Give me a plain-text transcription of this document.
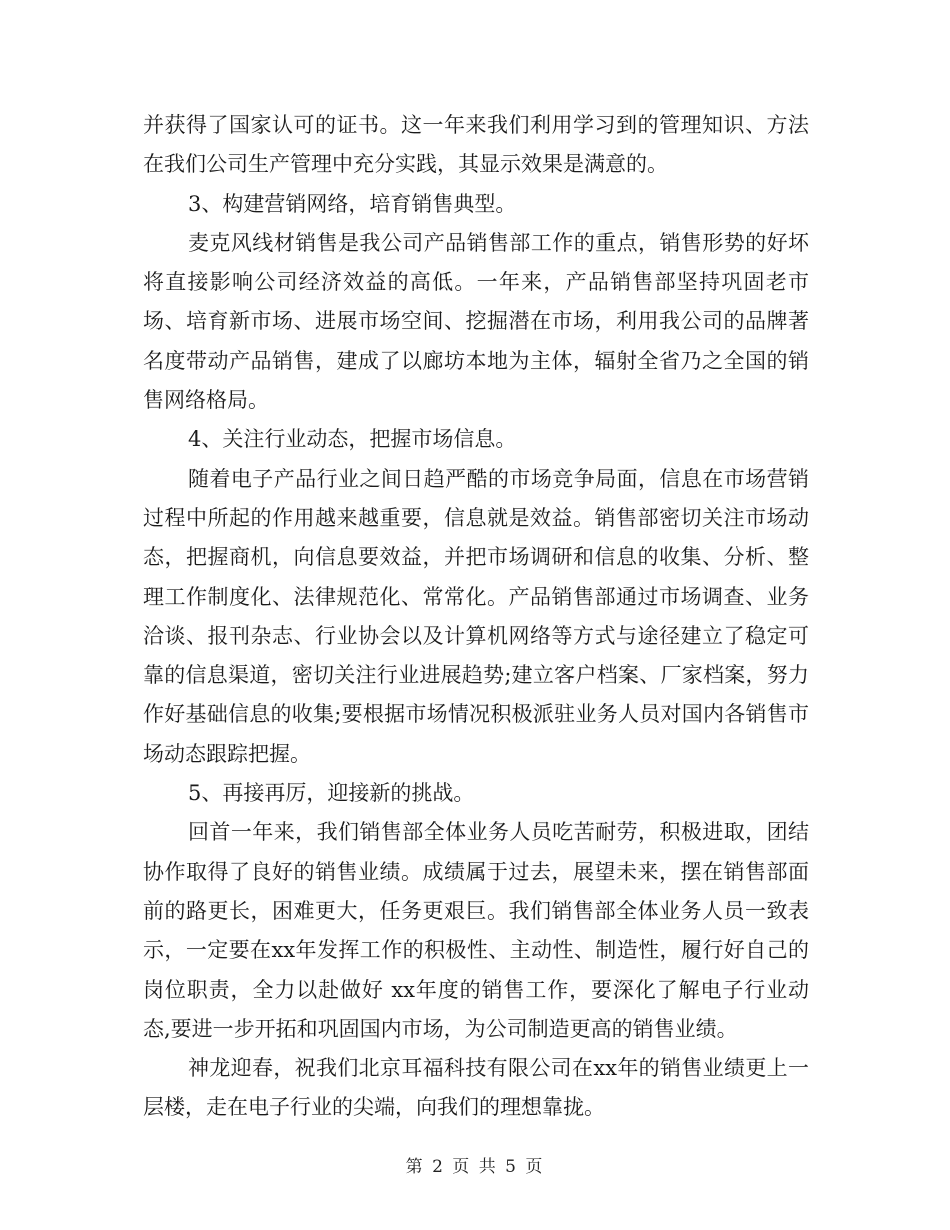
并获得了国家认可的证书。这一年来我们利用学习到的管理知识、方法在我们公司生产管理中充分实践，其显示效果是满意的。

3、构建营销网络，培育销售典型。

麦克风线材销售是我公司产品销售部工作的重点，销售形势的好坏将直接影响公司经济效益的高低。一年来，产品销售部坚持巩固老市场、培育新市场、进展市场空间、挖掘潜在市场，利用我公司的品牌著名度带动产品销售，建成了以廊坊本地为主体，辐射全省乃之全国的销售网络格局。

4、关注行业动态，把握市场信息。

随着电子产品行业之间日趋严酷的市场竞争局面，信息在市场营销过程中所起的作用越来越重要，信息就是效益。销售部密切关注市场动态，把握商机，向信息要效益，并把市场调研和信息的收集、分析、整理工作制度化、法律规范化、常常化。产品销售部通过市场调查、业务洽谈、报刊杂志、行业协会以及计算机网络等方式与途径建立了稳定可靠的信息渠道，密切关注行业进展趋势;建立客户档案、厂家档案，努力作好基础信息的收集;要根据市场情况积极派驻业务人员对国内各销售市场动态跟踪把握。

5、再接再厉，迎接新的挑战。

回首一年来，我们销售部全体业务人员吃苦耐劳，积极进取，团结协作取得了良好的销售业绩。成绩属于过去，展望未来，摆在销售部面前的路更长，困难更大，任务更艰巨。我们销售部全体业务人员一致表示，一定要在xx年发挥工作的积极性、主动性、制造性，履行好自己的岗位职责，全力以赴做好 xx年度的销售工作，要深化了解电子行业动态,要进一步开拓和巩固国内市场，为公司制造更高的销售业绩。

神龙迎春，祝我们北京耳福科技有限公司在xx年的销售业绩更上一层楼，走在电子行业的尖端，向我们的理想靠拢。

第 2 页 共 5 页
